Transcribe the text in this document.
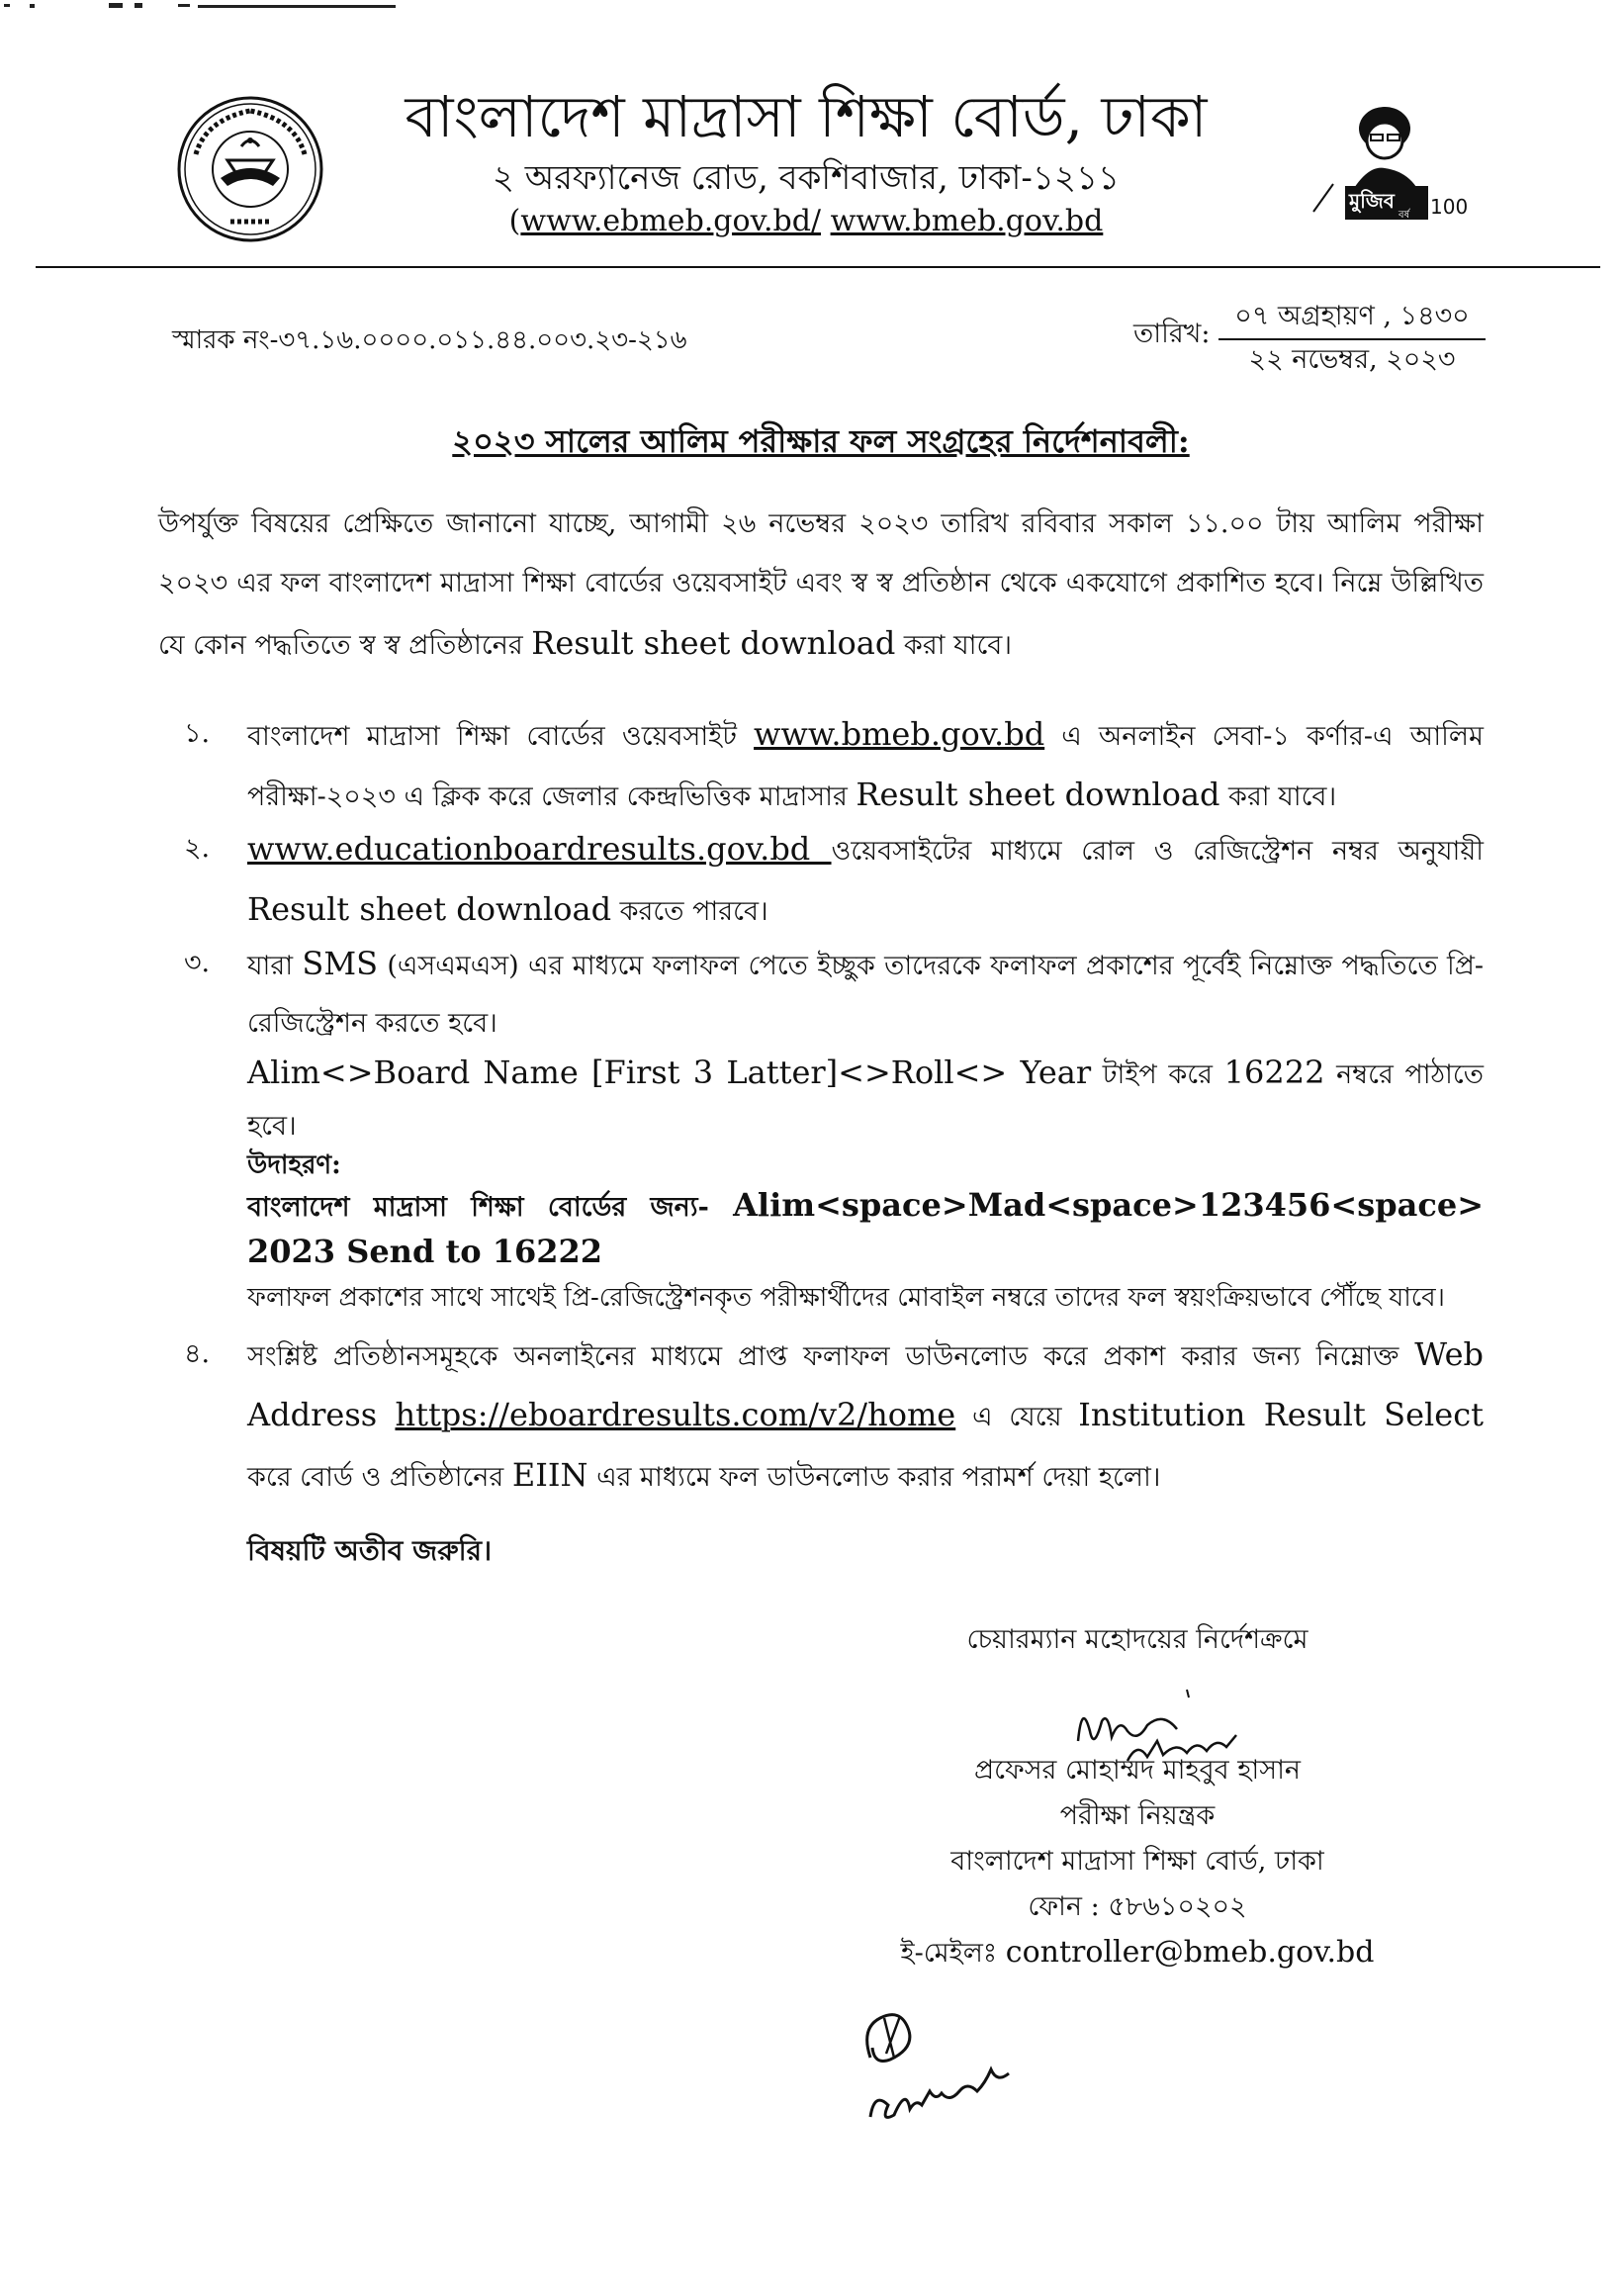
বাংলাদেশ মাদ্রাসা শিক্ষা বোর্ড, ঢাকা
২ অরফ্যানেজ রোড, বকশিবাজার, ঢাকা-১২১১
(www.ebmeb.gov.bd/ www.bmeb.gov.bd
মুজিব
বর্ষ 100
স্মারক নং-৩৭.১৬.০০০০.০১১.৪৪.০০৩.২৩-২১৬	তারিখ:
০৭ অগ্রহায়ণ , ১৪৩০
২২ নভেম্বর, ২০২৩
২০২৩ সালের আলিম পরীক্ষার ফল সংগ্রহের নির্দেশনাবলী:
উপর্যুক্ত বিষয়ের প্রেক্ষিতে জানানো যাচ্ছে, আগামী ২৬ নভেম্বর ২০২৩ তারিখ রবিবার সকাল ১১.০০ টায় আলিম পরীক্ষা ২০২৩ এর ফল বাংলাদেশ মাদ্রাসা শিক্ষা বোর্ডের ওয়েবসাইট এবং স্ব স্ব প্রতিষ্ঠান থেকে একযোগে প্রকাশিত হবে। নিম্নে উল্লিখিত যে কোন পদ্ধতিতে স্ব স্ব প্রতিষ্ঠানের Result sheet download করা যাবে।
১. বাংলাদেশ মাদ্রাসা শিক্ষা বোর্ডের ওয়েবসাইট www.bmeb.gov.bd এ অনলাইন সেবা-১ কর্ণার-এ আলিম পরীক্ষা-২০২৩ এ ক্লিক করে জেলার কেন্দ্রভিত্তিক মাদ্রাসার Result sheet download করা যাবে।
২. www.educationboardresults.gov.bd ওয়েবসাইটের মাধ্যমে রোল ও রেজিস্ট্রেশন নম্বর অনুযায়ী Result sheet download করতে পারবে।
৩. যারা SMS (এসএমএস) এর মাধ্যমে ফলাফল পেতে ইচ্ছুক তাদেরকে ফলাফল প্রকাশের পূর্বেই নিম্নোক্ত পদ্ধতিতে প্রি-রেজিস্ট্রেশন করতে হবে।
Alim<>Board Name [First 3 Latter]<>Roll<> Year টাইপ করে 16222 নম্বরে পাঠাতে হবে।
উদাহরণ:
বাংলাদেশ মাদ্রাসা শিক্ষা বোর্ডের জন্য- Alim<space>Mad<space>123456<space> 2023 Send to 16222
ফলাফল প্রকাশের সাথে সাথেই প্রি-রেজিস্ট্রেশনকৃত পরীক্ষার্থীদের মোবাইল নম্বরে তাদের ফল স্বয়ংক্রিয়ভাবে পৌঁছে যাবে।
৪. সংশ্লিষ্ট প্রতিষ্ঠানসমূহকে অনলাইনের মাধ্যমে প্রাপ্ত ফলাফল ডাউনলোড করে প্রকাশ করার জন্য নিম্নোক্ত Web Address https://eboardresults.com/v2/home এ যেয়ে Institution Result Select করে বোর্ড ও প্রতিষ্ঠানের EIIN এর মাধ্যমে ফল ডাউনলোড করার পরামর্শ দেয়া হলো।
বিষয়টি অতীব জরুরি।
চেয়ারম্যান মহোদয়ের নির্দেশক্রমে
প্রফেসর মোহাম্মদ মাহবুব হাসান
পরীক্ষা নিয়ন্ত্রক
বাংলাদেশ মাদ্রাসা শিক্ষা বোর্ড, ঢাকা
ফোন : ৫৮৬১০২০২
ই-মেইলঃ controller@bmeb.gov.bd
